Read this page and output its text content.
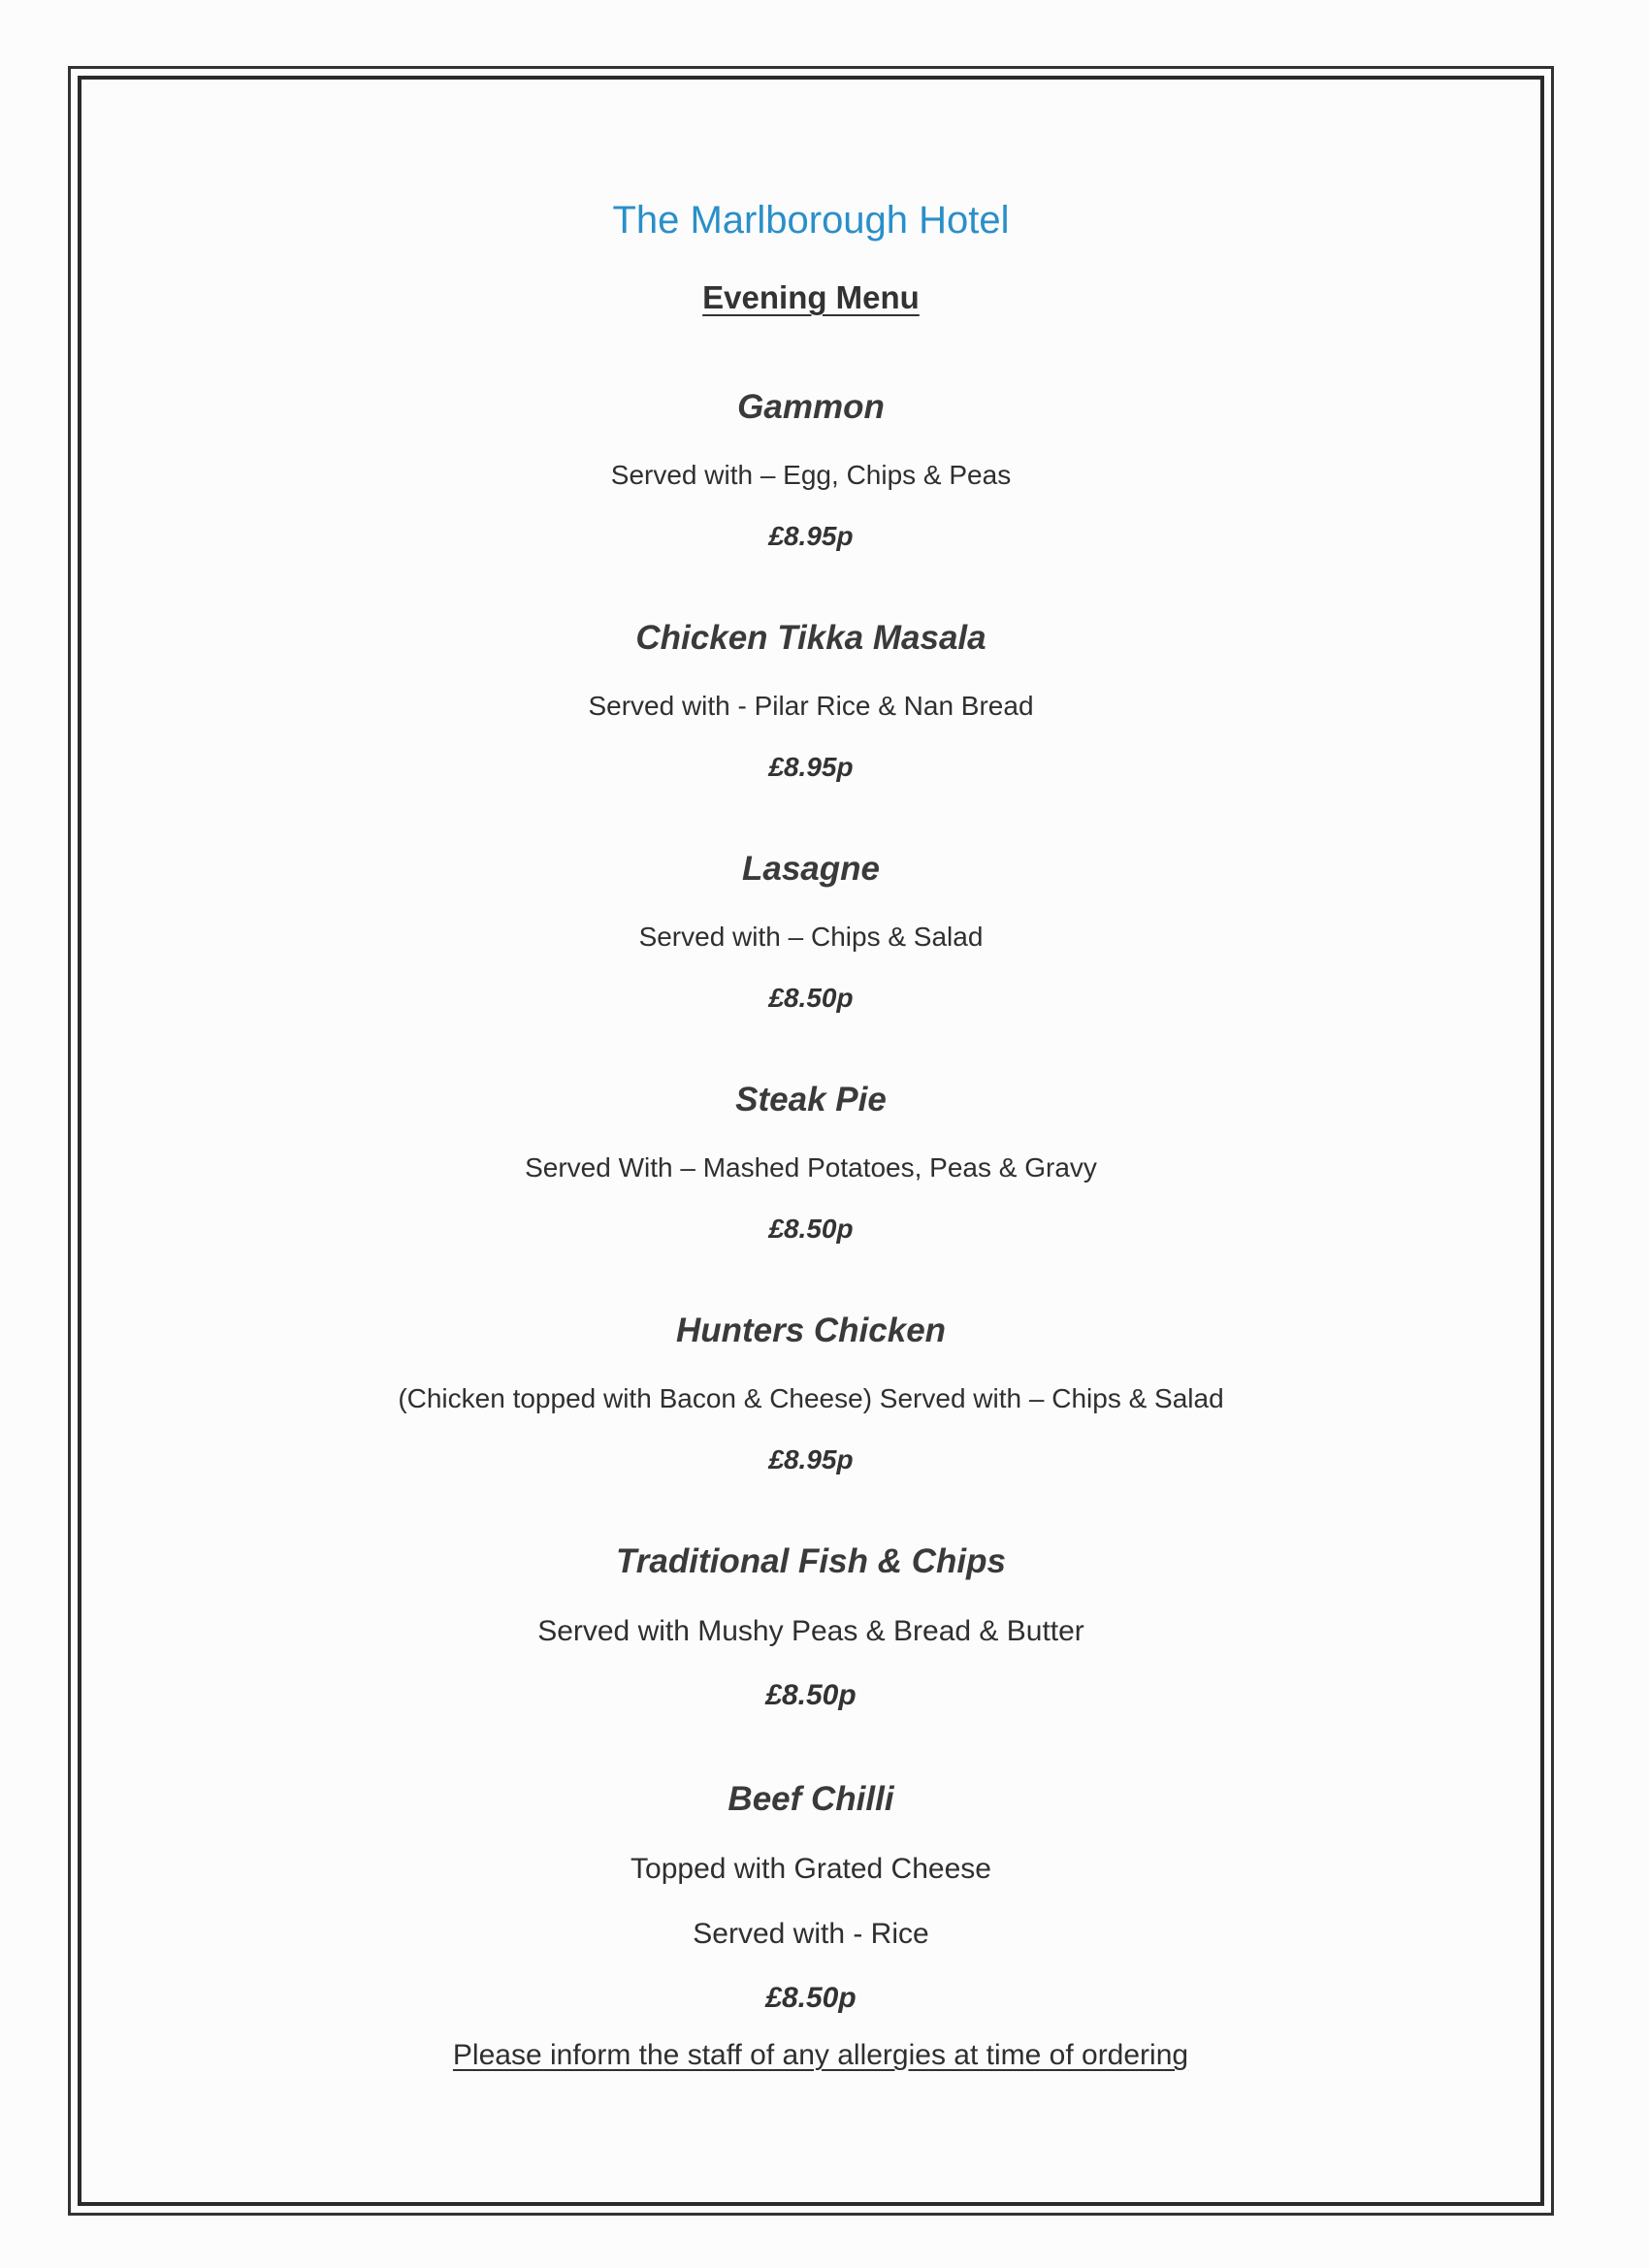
The Marlborough Hotel
Evening Menu
Gammon
Served with – Egg, Chips & Peas
£8.95p
Chicken Tikka Masala
Served with - Pilar Rice & Nan Bread
£8.95p
Lasagne
Served with – Chips & Salad
£8.50p
Steak Pie
Served With – Mashed Potatoes, Peas & Gravy
£8.50p
Hunters Chicken
(Chicken topped with Bacon & Cheese) Served with – Chips & Salad
£8.95p
Traditional Fish & Chips
Served with Mushy Peas & Bread & Butter
£8.50p
Beef Chilli
Topped with Grated Cheese
Served with - Rice
£8.50p
Please inform the staff of any allergies at time of ordering
